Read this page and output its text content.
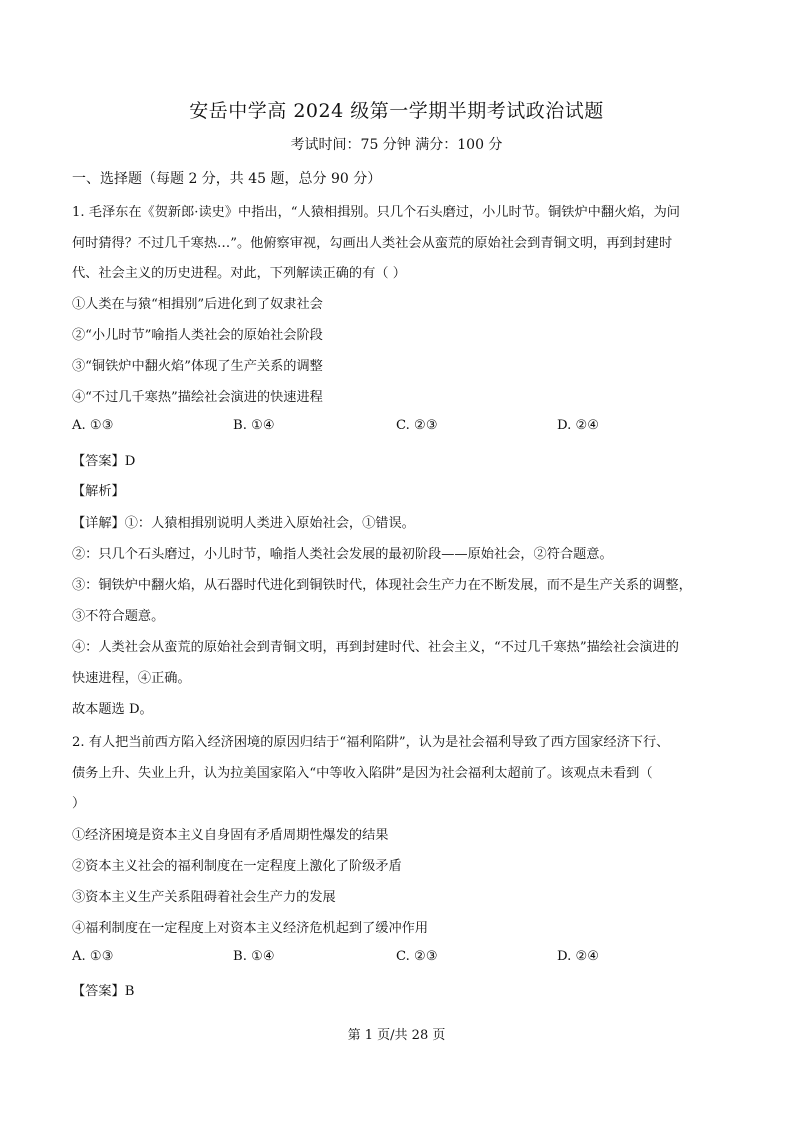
安岳中学高 2024 级第一学期半期考试政治试题
考试时间：75 分钟 满分：100 分
一、选择题（每题 2 分，共 45 题，总分 90 分）
1. 毛泽东在《贺新郎·读史》中指出，“人猿相揖别。只几个石头磨过，小儿时节。铜铁炉中翻火焰，为问
何时猜得？不过几千寒热…”。他俯察审视，勾画出人类社会从蛮荒的原始社会到青铜文明，再到封建时
代、社会主义的历史进程。对此，下列解读正确的有（ ）
①人类在与猿“相揖别”后进化到了奴隶社会
②“小儿时节”喻指人类社会的原始社会阶段
③“铜铁炉中翻火焰”体现了生产关系的调整
④“不过几千寒热”描绘社会演进的快速进程
A. ①③	B. ①④	C. ②③	D. ②④
【答案】D
【解析】
【详解】①：人猿相揖别说明人类进入原始社会，①错误。
②：只几个石头磨过，小儿时节，喻指人类社会发展的最初阶段——原始社会，②符合题意。
③：铜铁炉中翻火焰，从石器时代进化到铜铁时代，体现社会生产力在不断发展，而不是生产关系的调整，
③不符合题意。
④：人类社会从蛮荒的原始社会到青铜文明，再到封建时代、社会主义，“不过几千寒热”描绘社会演进的
快速进程，④正确。
故本题选 D。
2. 有人把当前西方陷入经济困境的原因归结于“福利陷阱”，认为是社会福利导致了西方国家经济下行、
债务上升、失业上升，认为拉美国家陷入“中等收入陷阱”是因为社会福利太超前了。该观点未看到（
）
①经济困境是资本主义自身固有矛盾周期性爆发的结果
②资本主义社会的福利制度在一定程度上激化了阶级矛盾
③资本主义生产关系阻碍着社会生产力的发展
④福利制度在一定程度上对资本主义经济危机起到了缓冲作用
A. ①③	B. ①④	C. ②③	D. ②④
【答案】B
第 1 页/共 28 页
